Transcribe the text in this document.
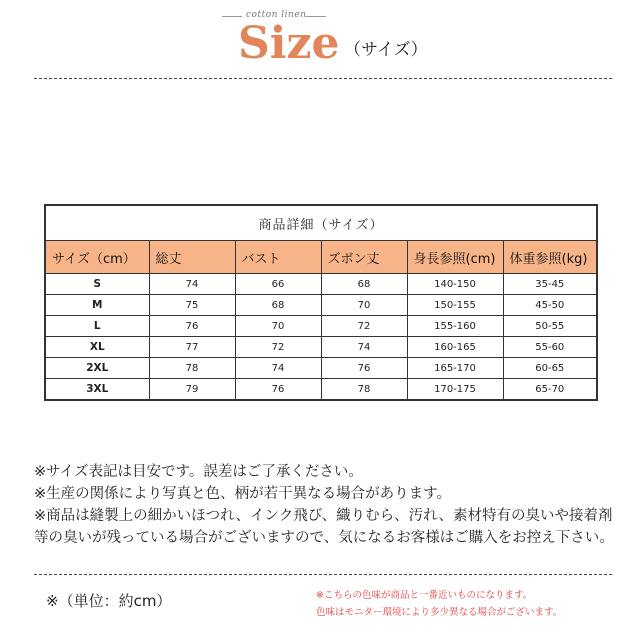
cotton linen
Size （サイズ）
商品詳細（サイズ）					
サイズ（cm）	総丈	バスト	ズボン丈	身長参照(cm)	体重参照(kg)
S	74	66	68	140-150	35-45
M	75	68	70	150-155	45-50
L	76	70	72	155-160	50-55
XL	77	72	74	160-165	55-60
2XL	78	74	76	165-170	60-65
3XL	79	76	78	170-175	65-70

※サイズ表記は目安です。誤差はご了承ください。

※生産の関係により写真と色、柄が若干異なる場合があります。

※商品は縫製上の細かいほつれ、インク飛び、織りむら、汚れ、素材特有の臭いや接着剤等の臭いが残っている場合がございますので、気になるお客様はご購入をお控え下さい。

※（単位：約cm）	※こちらの色味が商品と一番近いものになります。

色味はモニター環境により多少異なる場合がございます。
